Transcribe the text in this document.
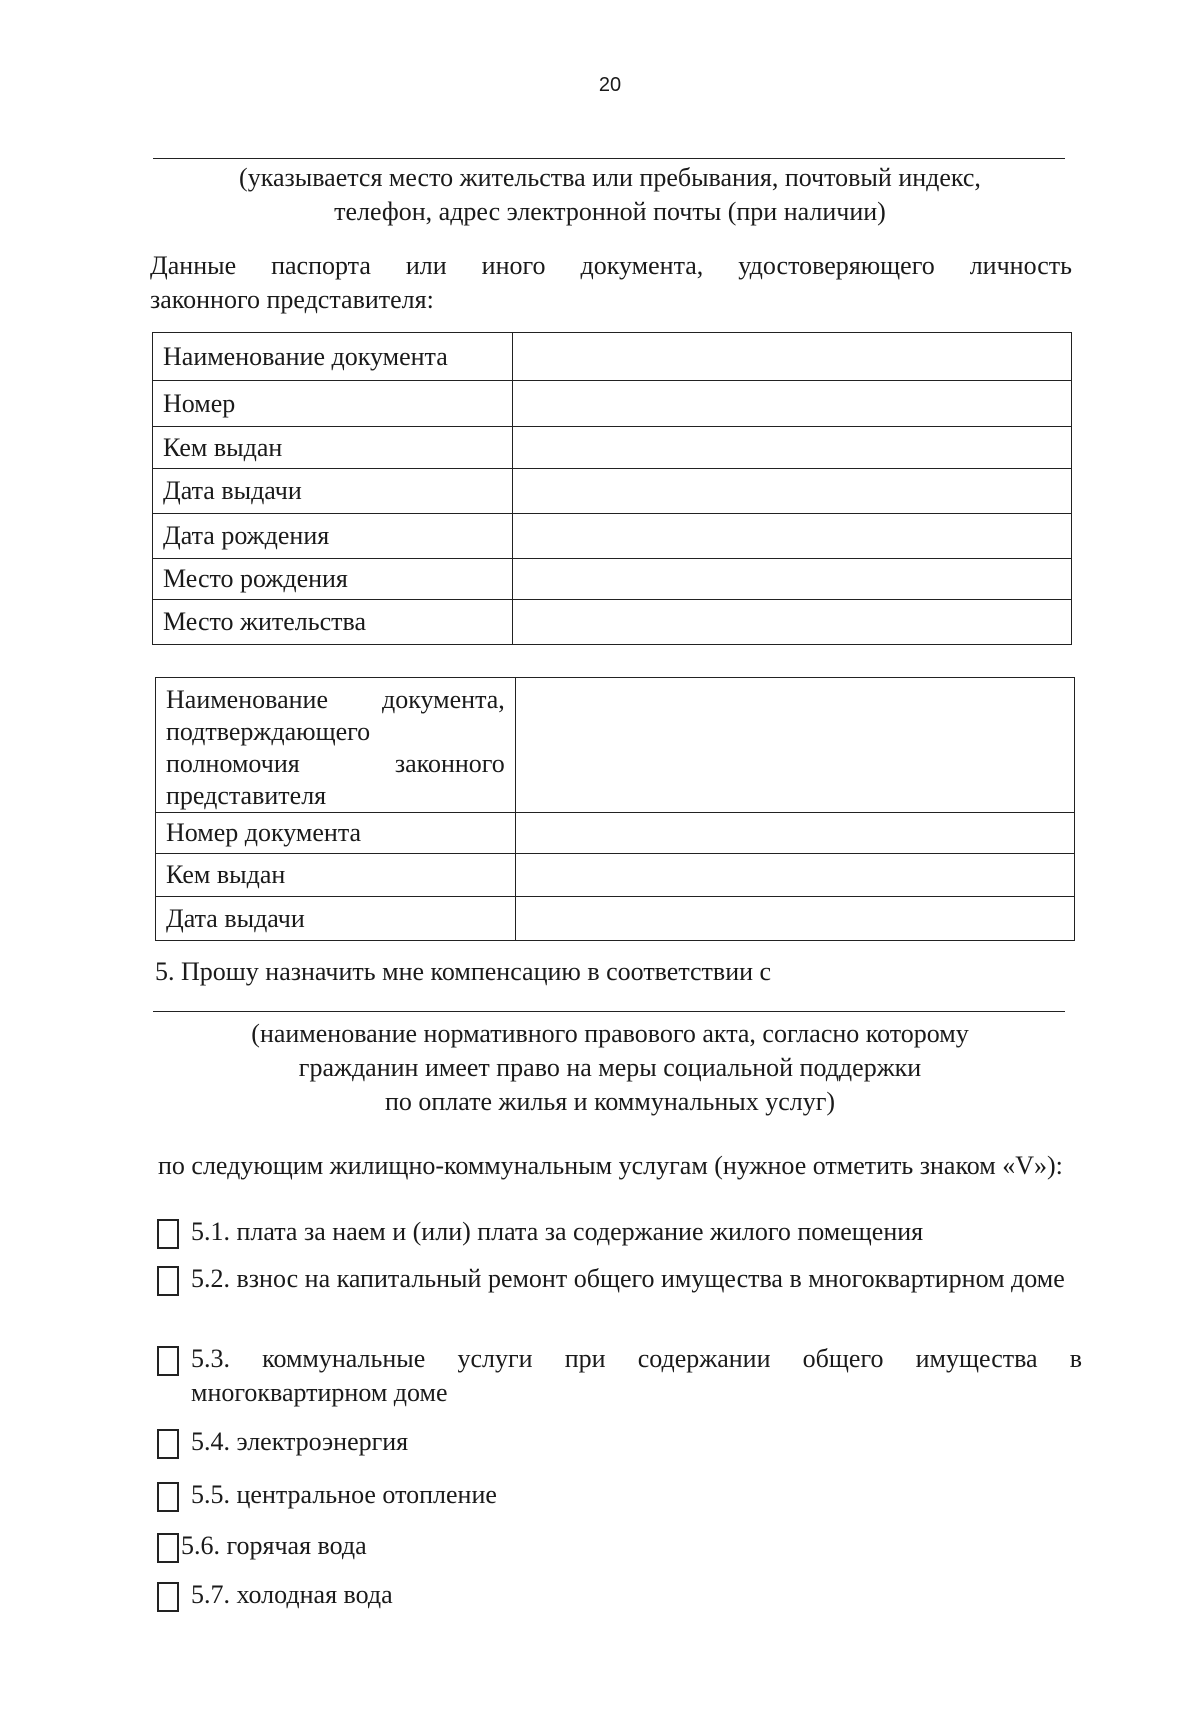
20
(указывается место жительства или пребывания, почтовый индекс,
телефон, адрес электронной почты (при наличии)
Данные паспорта или иного документа, удостоверяющего личность
законного представителя:
Наименование документа	
Номер	
Кем выдан	
Дата выдачи	
Дата рождения	
Место рождения	
Место жительства	
Наименование документа,
подтверждающего
полномочия законного
представителя	

Номер документа	
Кем выдан	
Дата выдачи	
5. Прошу назначить мне компенсацию в соответствии с
(наименование нормативного правового акта, согласно которому
гражданин имеет право на меры социальной поддержки
по оплате жилья и коммунальных услуг)
по следующим жилищно-коммунальным услугам (нужное отметить знаком «V»):
5.1. плата за наем и (или) плата за содержание жилого помещения
5.2. взнос на капитальный ремонт общего имущества в многоквартирном доме
5.3. коммунальные услуги при содержании общего имущества в многоквартирном доме
5.4. электроэнергия
5.5. центральное отопление
5.6. горячая вода
5.7. холодная вода
